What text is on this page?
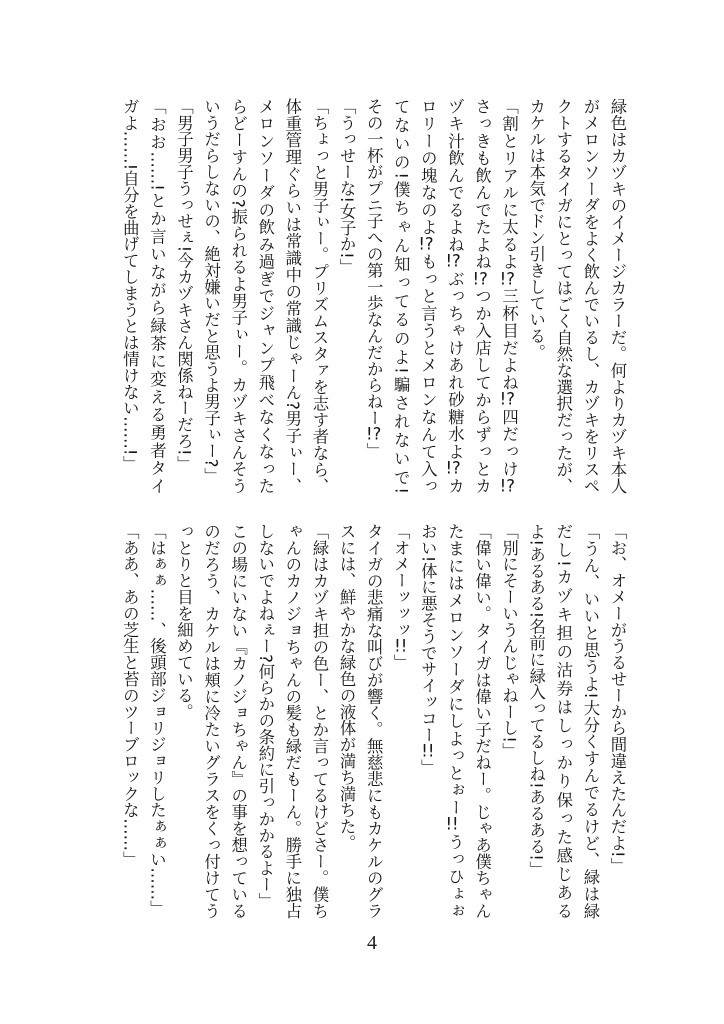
緑色はカヅキのイメージカラーだ。何よりカヅキ本人
がメロンソーダをよく飲んでいるし、カヅキをリスペ
クトするタイガにとってはごく自然な選択だったが、
カケルは本気でドン引きしている。
「割とリアルに太るよ!?三杯目だよね!?四だっけ!?
さっきも飲んでたよね!?つか入店してからずっとカ
ヅキ汁飲んでるよね!?ぶっちゃけあれ砂糖水よ!?カ
ロリーの塊なのよ!?もっと言うとメロンなんて入っ
てないの!僕ちゃん知ってるのよ!騙されないで!
その一杯がプニ子への第一歩なんだからねー!?」
「うっせーな!女子か!」
「ちょっと男子ぃー。プリズムスタァを志す者なら、
体重管理ぐらいは常識中の常識じゃーん?男子ぃー、
メロンソーダの飲み過ぎでジャンプ飛べなくなった
らどーすんの?振られるよ男子ぃー。カヅキさんそう
いうだらしないの、絶対嫌いだと思うよ男子ぃー?」
「男子男子うっせぇ!今カヅキさん関係ねーだろ!」
「おお……!とか言いながら緑茶に変える勇者タイ
ガよ……!自分を曲げてしまうとは情けない……!」
「お、オメーがうるせーから間違えたんだよ!」
「うん、いいと思うよ!大分くすんでるけど、緑は緑
だし!カヅキ担の沽券はしっかり保った感じある
よ!あるある!名前に緑入ってるしね!あるある!」
「別にそーいうんじゃねーし!」
「偉い偉い。タイガは偉い子だねー。じゃあ僕ちゃん
たまにはメロンソーダにしよっとぉー!!うっひょぉ
おい!体に悪そうでサイッコー!!」
「オメーッッッ!!」
タイガの悲痛な叫びが響く。無慈悲にもカケルのグラ
スには、鮮やかな緑色の液体が満ち満ちた。
「緑はカヅキ担の色ー、とか言ってるけどさー。僕ち
ゃんのカノジョちゃんの髪も緑だもーん。勝手に独占
しないでよねぇー?何らかの条約に引っかかるよー」
この場にいない『カノジョちゃん』の事を想っている
のだろう、カケルは頬に冷たいグラスをくっ付けてう
っとりと目を細めている。
「はぁぁ……、後頭部ジョリジョリしたぁぁい……」
「ああ、あの芝生と苔のツーブロックな……」
4
